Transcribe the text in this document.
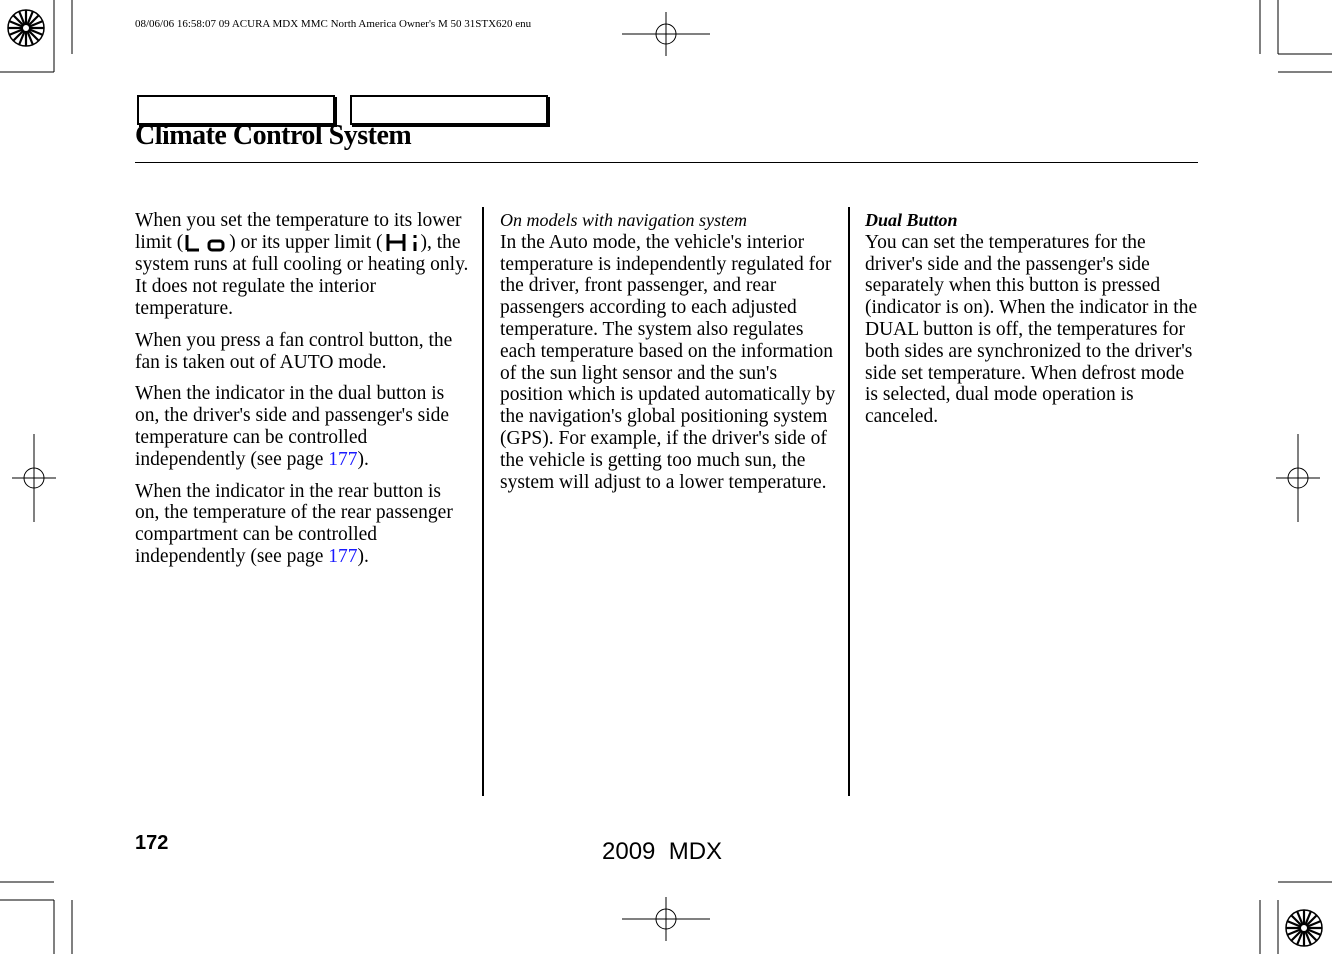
08/06/06 16:58:07 09 ACURA MDX MMC North America Owner's M 50 31STX620 enu
Climate Control System

When you set the temperature to its lower limit ( ) or its upper limit ( ), the system runs at full cooling or heating only. It does not regulate the interior temperature.

When you press a fan control button, the fan is taken out of AUTO mode.

When the indicator in the dual button is on, the driver's side and passenger's side temperature can be controlled independently (see page 177).

When the indicator in the rear button is on, the temperature of the rear passenger compartment can be controlled independently (see page 177).

On models with navigation system

In the Auto mode, the vehicle's interior temperature is independently regulated for the driver, front passenger, and rear passengers according to each adjusted temperature. The system also regulates each temperature based on the information of the sun light sensor and the sun's position which is updated automatically by the navigation's global positioning system (GPS). For example, if the driver's side of the vehicle is getting too much sun, the system will adjust to a lower temperature.

Dual Button

You can set the temperatures for the driver's side and the passenger's side separately when this button is pressed (indicator is on). When the indicator in the DUAL button is off, the temperatures for both sides are synchronized to the driver's side set temperature. When defrost mode is selected, dual mode operation is canceled.

172	2009  MDX
